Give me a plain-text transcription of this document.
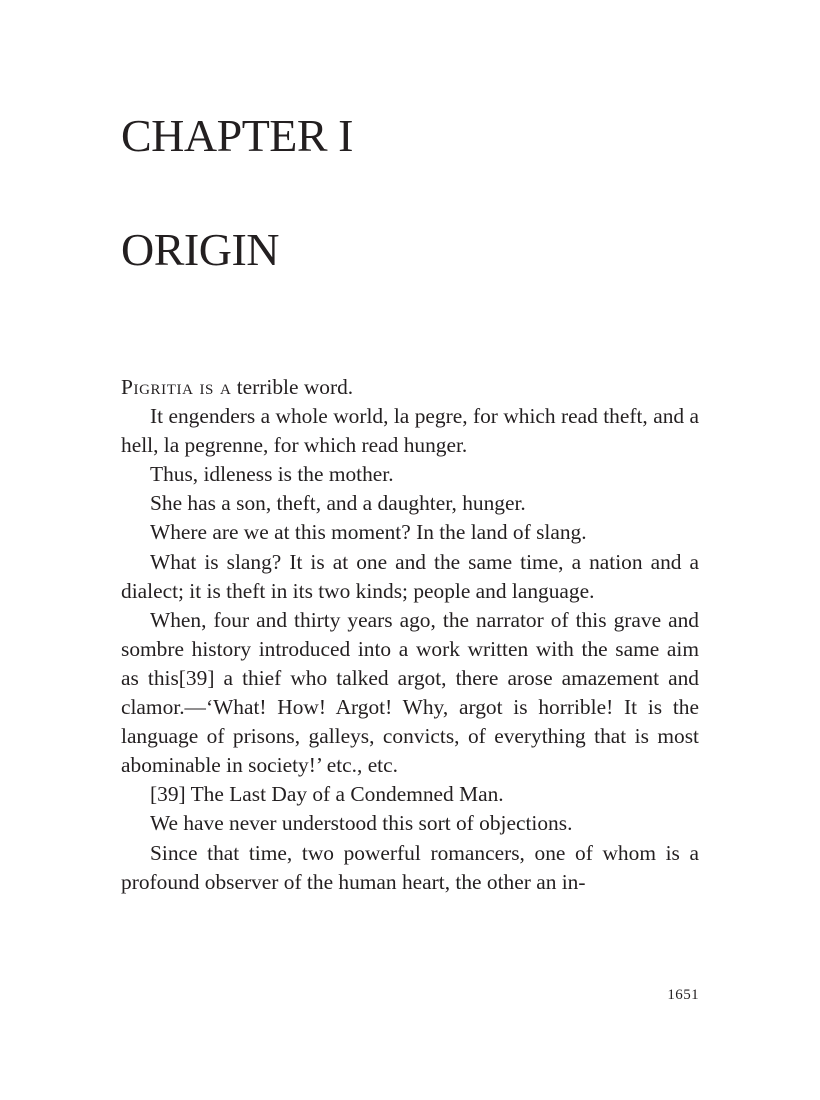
CHAPTER I
ORIGIN

Pigritia is a terrible word.

It engenders a whole world, la pegre, for which read theft, and a hell, la pegrenne, for which read hunger.

Thus, idleness is the mother.

She has a son, theft, and a daughter, hunger.

Where are we at this moment? In the land of slang.

What is slang? It is at one and the same time, a nation and a dialect; it is theft in its two kinds; people and language.

When, four and thirty years ago, the narrator of this grave and sombre history introduced into a work written with the same aim as this[39] a thief who talked argot, there arose amazement and clamor.—‘What! How! Argot! Why, argot is horrible! It is the language of prisons, galleys, convicts, of everything that is most abominable in society!’ etc., etc.

[39] The Last Day of a Condemned Man.

We have never understood this sort of objections.

Since that time, two powerful romancers, one of whom is a profound observer of the human heart, the other an in-

1651
